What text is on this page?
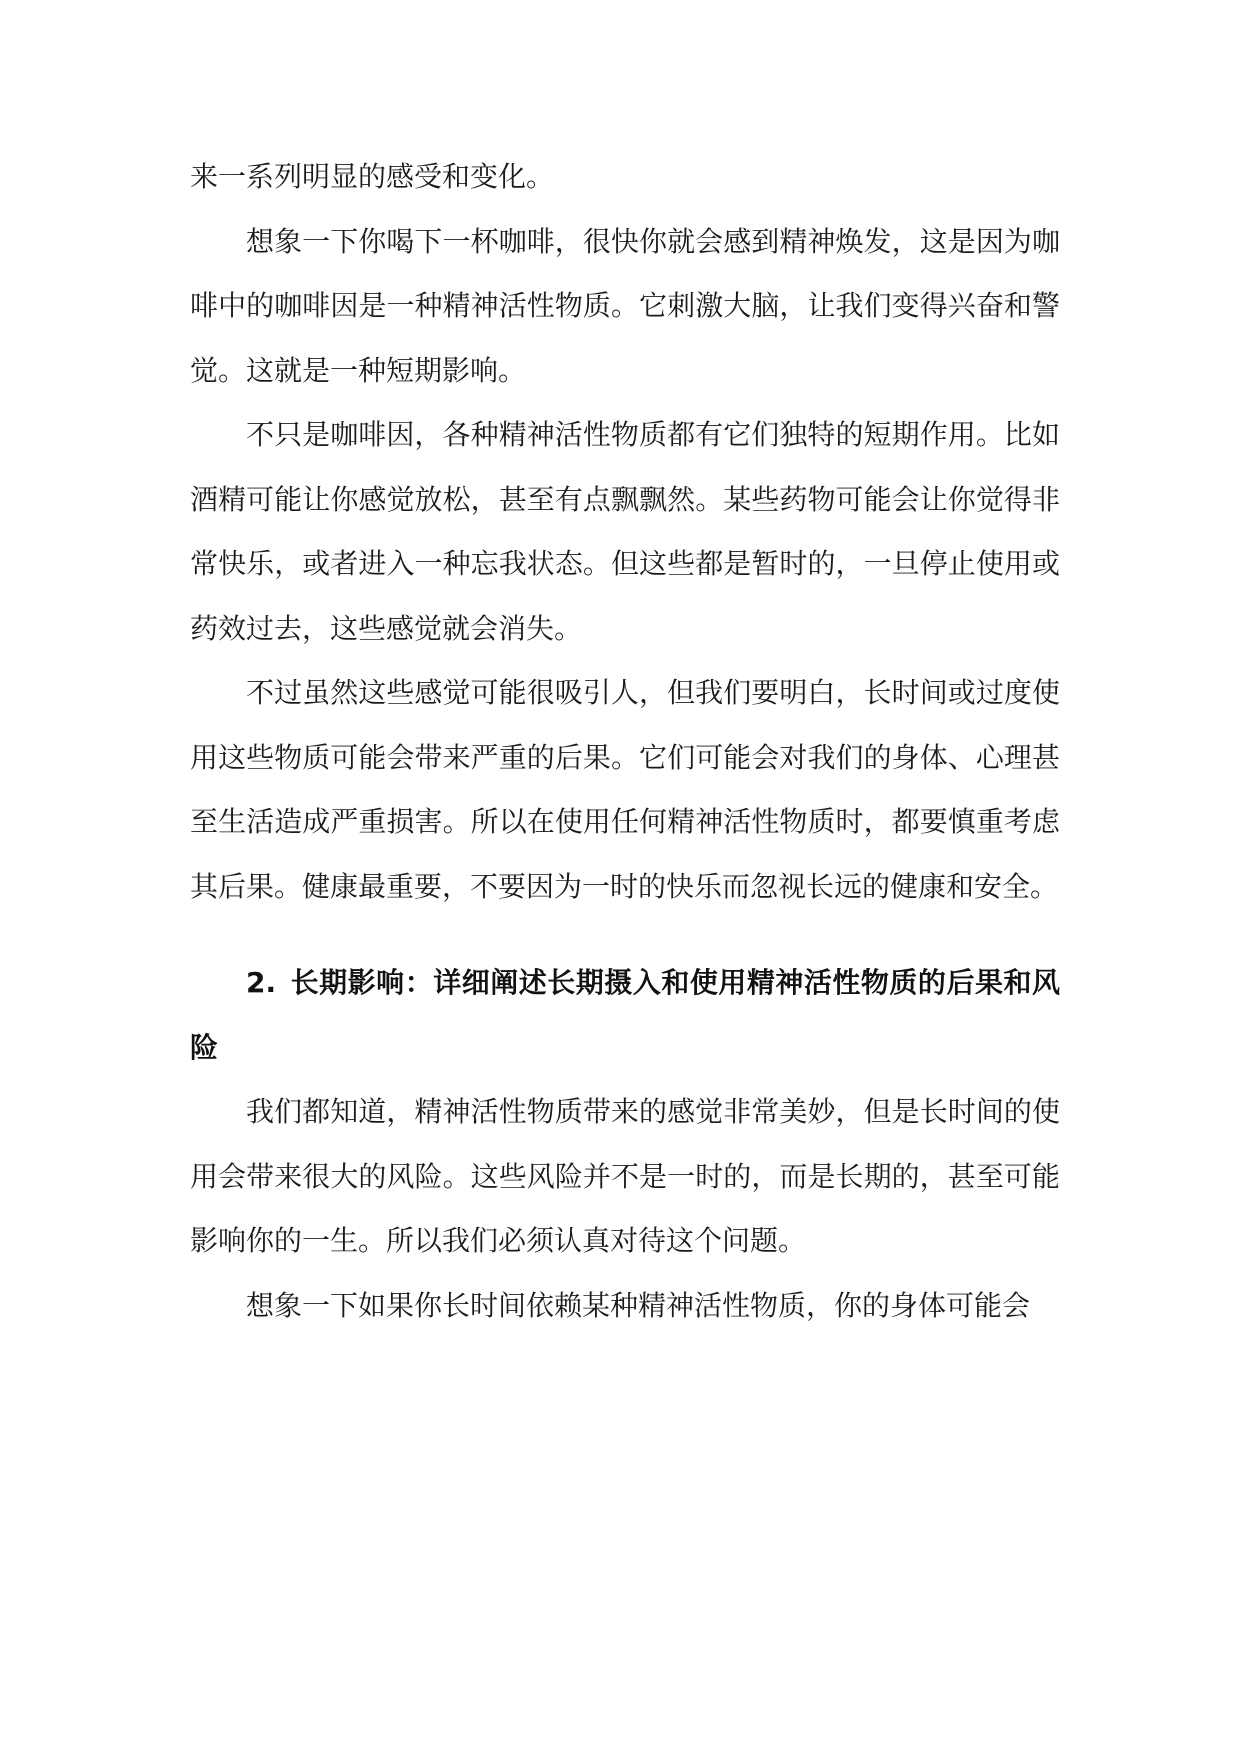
来一系列明显的感受和变化。

想象一下你喝下一杯咖啡，很快你就会感到精神焕发，这是因为咖啡中的咖啡因是一种精神活性物质。它刺激大脑，让我们变得兴奋和警觉。这就是一种短期影响。

不只是咖啡因，各种精神活性物质都有它们独特的短期作用。比如酒精可能让你感觉放松，甚至有点飘飘然。某些药物可能会让你觉得非常快乐，或者进入一种忘我状态。但这些都是暂时的，一旦停止使用或药效过去，这些感觉就会消失。

不过虽然这些感觉可能很吸引人，但我们要明白，长时间或过度使用这些物质可能会带来严重的后果。它们可能会对我们的身体、心理甚至生活造成严重损害。所以在使用任何精神活性物质时，都要慎重考虑其后果。健康最重要，不要因为一时的快乐而忽视长远的健康和安全。

2. 长期影响：详细阐述长期摄入和使用精神活性物质的后果和风险

我们都知道，精神活性物质带来的感觉非常美妙，但是长时间的使用会带来很大的风险。这些风险并不是一时的，而是长期的，甚至可能影响你的一生。所以我们必须认真对待这个问题。

想象一下如果你长时间依赖某种精神活性物质，你的身体可能会
